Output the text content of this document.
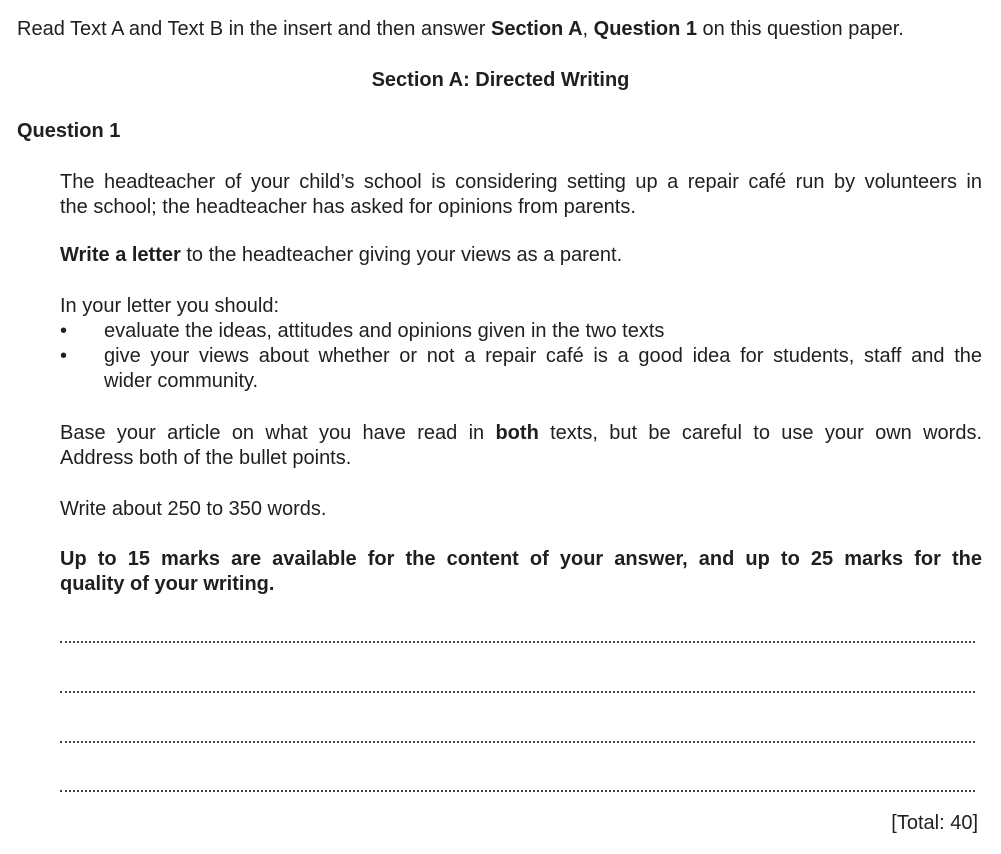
Read Text A and Text B in the insert and then answer Section A, Question 1 on this question paper.
Section A: Directed Writing
Question 1
The headteacher of your child’s school is considering setting up a repair café run by volunteers in
the school; the headteacher has asked for opinions from parents.
Write a letter to the headteacher giving your views as a parent.
In your letter you should:
• evaluate the ideas, attitudes and opinions given in the two texts
• give your views about whether or not a repair café is a good idea for students, staff and the
wider community.
Base your article on what you have read in both texts, but be careful to use your own words.
Address both of the bullet points.
Write about 250 to 350 words.
Up to 15 marks are available for the content of your answer, and up to 25 marks for the
quality of your writing.
[Total: 40]
